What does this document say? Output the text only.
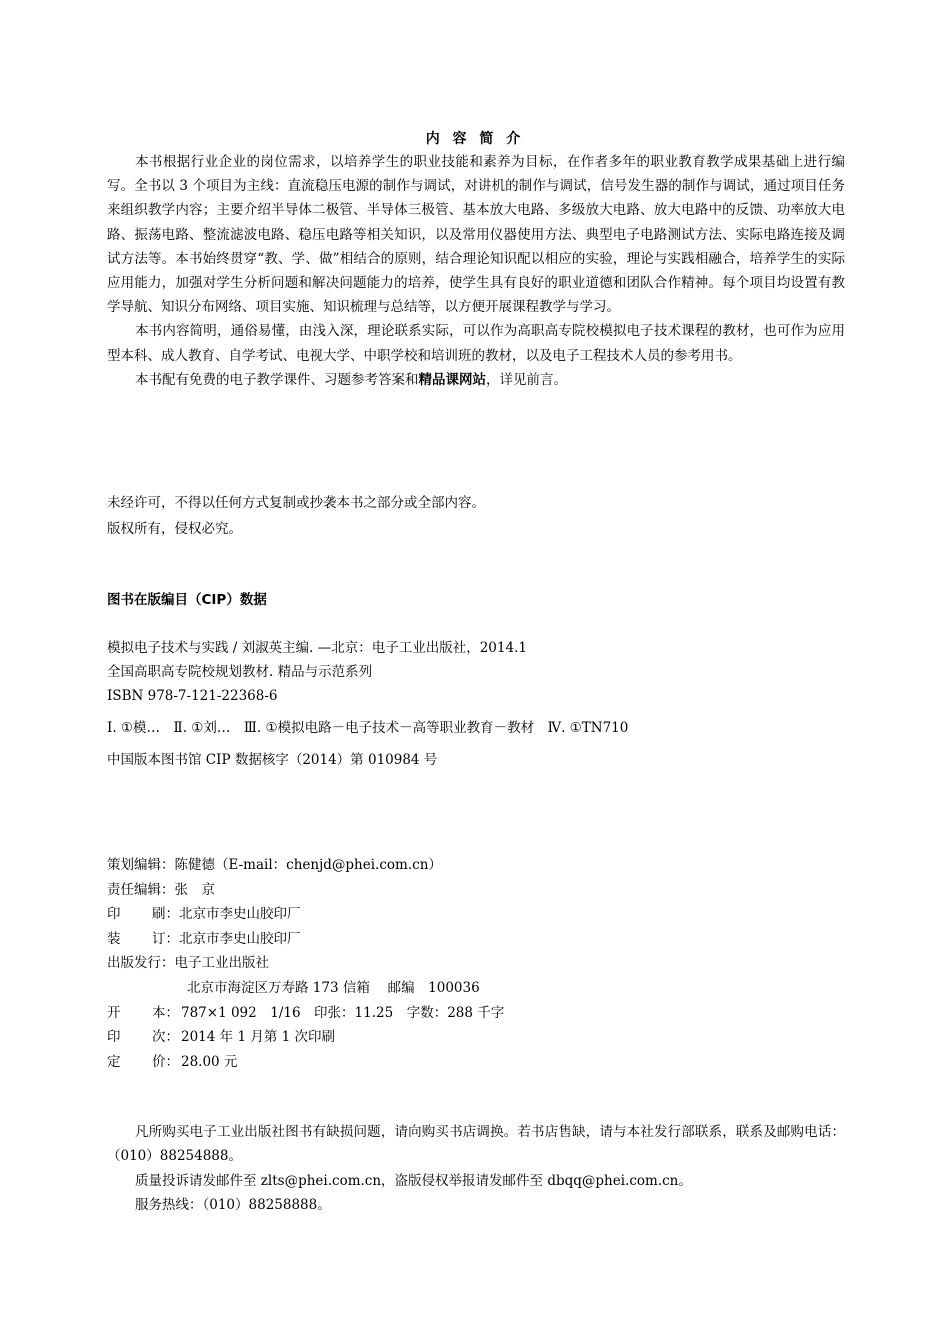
内 容 简 介

本书根据行业企业的岗位需求，以培养学生的职业技能和素养为目标，在作者多年的职业教育教学成果基础上进行编写。全书以 3 个项目为主线：直流稳压电源的制作与调试，对讲机的制作与调试，信号发生器的制作与调试，通过项目任务来组织教学内容；主要介绍半导体二极管、半导体三极管、基本放大电路、多级放大电路、放大电路中的反馈、功率放大电路、振荡电路、整流滤波电路、稳压电路等相关知识，以及常用仪器使用方法、典型电子电路测试方法、实际电路连接及调试方法等。本书始终贯穿“教、学、做”相结合的原则，结合理论知识配以相应的实验，理论与实践相融合，培养学生的实际应用能力，加强对学生分析问题和解决问题能力的培养，使学生具有良好的职业道德和团队合作精神。每个项目均设置有教学导航、知识分布网络、项目实施、知识梳理与总结等，以方便开展课程教学与学习。

本书内容简明，通俗易懂，由浅入深，理论联系实际，可以作为高职高专院校模拟电子技术课程的教材，也可作为应用型本科、成人教育、自学考试、电视大学、中职学校和培训班的教材，以及电子工程技术人员的参考用书。

本书配有免费的电子教学课件、习题参考答案和精品课网站，详见前言。

未经许可，不得以任何方式复制或抄袭本书之部分或全部内容。
版权所有，侵权必究。
图书在版编目（CIP）数据
模拟电子技术与实践 / 刘淑英主编. —北京：电子工业出版社，2014.1
全国高职高专院校规划教材. 精品与示范系列
ISBN 978-7-121-22368-6
Ⅰ. ①模…　Ⅱ. ①刘…　Ⅲ. ①模拟电路－电子技术－高等职业教育－教材　Ⅳ. ①TN710
中国版本图书馆 CIP 数据核字（2014）第 010984 号
策划编辑： 陈健德（E-mail：chenjd@phei.com.cn）
责任编辑： 张　京
印 刷： 北京市李史山胶印厂
装 订： 北京市李史山胶印厂
出版发行： 电子工业出版社
北京市海淀区万寿路 173 信箱　 邮编　100036
开 本： 787×1 092　1/16　印张：11.25　字数：288 千字
印 次： 2014 年 1 月第 1 次印刷
定 价： 28.00 元

凡所购买电子工业出版社图书有缺损问题，请向购买书店调换。若书店售缺，请与本社发行部联系，联系及邮购电话：（010）88254888。

质量投诉请发邮件至 zlts@phei.com.cn，盗版侵权举报请发邮件至 dbqq@phei.com.cn。

服务热线：（010）88258888。
